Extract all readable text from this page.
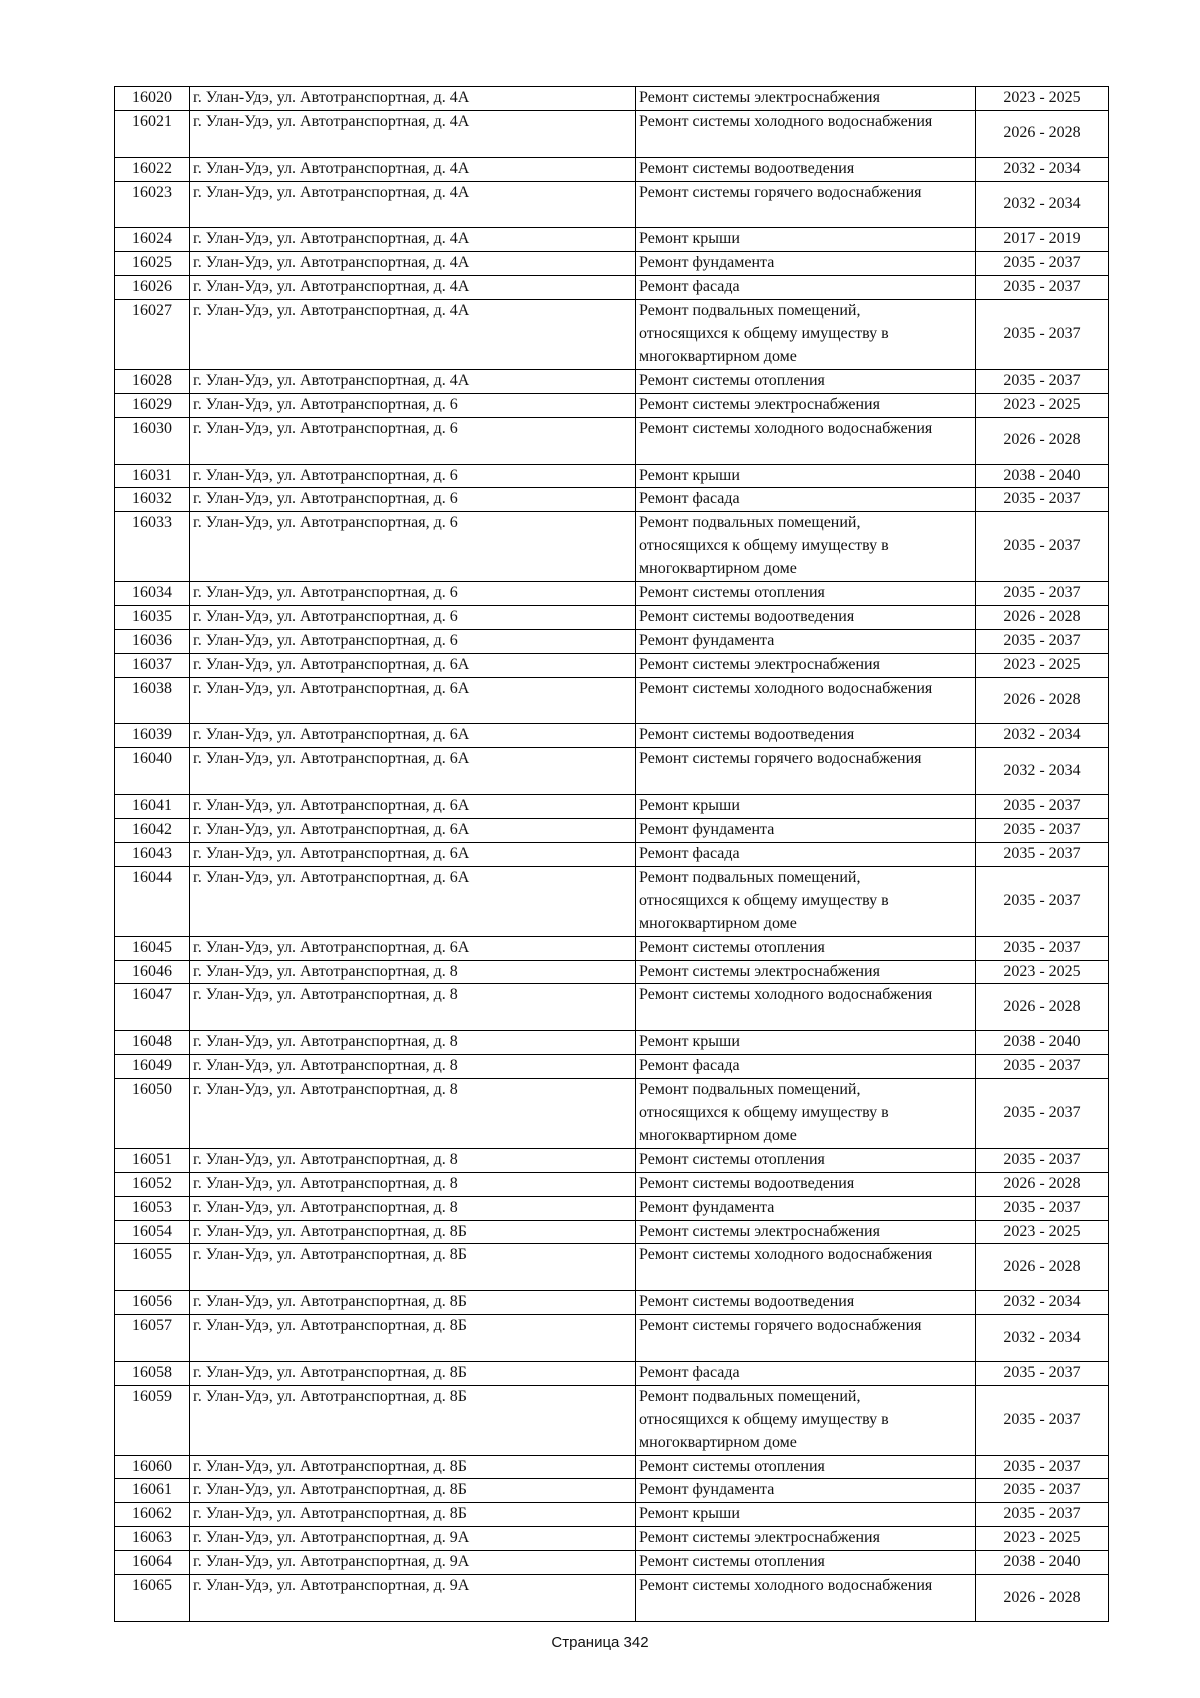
16020	г. Улан-Удэ, ул. Автотранспортная, д. 4А	Ремонт системы электроснабжения	2023 - 2025
16021	г. Улан-Удэ, ул. Автотранспортная, д. 4А	Ремонт системы холодного водоснабжения	2026 - 2028
16022	г. Улан-Удэ, ул. Автотранспортная, д. 4А	Ремонт системы водоотведения	2032 - 2034
16023	г. Улан-Удэ, ул. Автотранспортная, д. 4А	Ремонт системы горячего водоснабжения	2032 - 2034
16024	г. Улан-Удэ, ул. Автотранспортная, д. 4А	Ремонт крыши	2017 - 2019
16025	г. Улан-Удэ, ул. Автотранспортная, д. 4А	Ремонт фундамента	2035 - 2037
16026	г. Улан-Удэ, ул. Автотранспортная, д. 4А	Ремонт фасада	2035 - 2037
16027	г. Улан-Удэ, ул. Автотранспортная, д. 4А	Ремонт подвальных помещений,
относящихся к общему имуществу в
многоквартирном доме	2035 - 2037
16028	г. Улан-Удэ, ул. Автотранспортная, д. 4А	Ремонт системы отопления	2035 - 2037
16029	г. Улан-Удэ, ул. Автотранспортная, д. 6	Ремонт системы электроснабжения	2023 - 2025
16030	г. Улан-Удэ, ул. Автотранспортная, д. 6	Ремонт системы холодного водоснабжения	2026 - 2028
16031	г. Улан-Удэ, ул. Автотранспортная, д. 6	Ремонт крыши	2038 - 2040
16032	г. Улан-Удэ, ул. Автотранспортная, д. 6	Ремонт фасада	2035 - 2037
16033	г. Улан-Удэ, ул. Автотранспортная, д. 6	Ремонт подвальных помещений,
относящихся к общему имуществу в
многоквартирном доме	2035 - 2037
16034	г. Улан-Удэ, ул. Автотранспортная, д. 6	Ремонт системы отопления	2035 - 2037
16035	г. Улан-Удэ, ул. Автотранспортная, д. 6	Ремонт системы водоотведения	2026 - 2028
16036	г. Улан-Удэ, ул. Автотранспортная, д. 6	Ремонт фундамента	2035 - 2037
16037	г. Улан-Удэ, ул. Автотранспортная, д. 6А	Ремонт системы электроснабжения	2023 - 2025
16038	г. Улан-Удэ, ул. Автотранспортная, д. 6А	Ремонт системы холодного водоснабжения	2026 - 2028
16039	г. Улан-Удэ, ул. Автотранспортная, д. 6А	Ремонт системы водоотведения	2032 - 2034
16040	г. Улан-Удэ, ул. Автотранспортная, д. 6А	Ремонт системы горячего водоснабжения	2032 - 2034
16041	г. Улан-Удэ, ул. Автотранспортная, д. 6А	Ремонт крыши	2035 - 2037
16042	г. Улан-Удэ, ул. Автотранспортная, д. 6А	Ремонт фундамента	2035 - 2037
16043	г. Улан-Удэ, ул. Автотранспортная, д. 6А	Ремонт фасада	2035 - 2037
16044	г. Улан-Удэ, ул. Автотранспортная, д. 6А	Ремонт подвальных помещений,
относящихся к общему имуществу в
многоквартирном доме	2035 - 2037
16045	г. Улан-Удэ, ул. Автотранспортная, д. 6А	Ремонт системы отопления	2035 - 2037
16046	г. Улан-Удэ, ул. Автотранспортная, д. 8	Ремонт системы электроснабжения	2023 - 2025
16047	г. Улан-Удэ, ул. Автотранспортная, д. 8	Ремонт системы холодного водоснабжения	2026 - 2028
16048	г. Улан-Удэ, ул. Автотранспортная, д. 8	Ремонт крыши	2038 - 2040
16049	г. Улан-Удэ, ул. Автотранспортная, д. 8	Ремонт фасада	2035 - 2037
16050	г. Улан-Удэ, ул. Автотранспортная, д. 8	Ремонт подвальных помещений,
относящихся к общему имуществу в
многоквартирном доме	2035 - 2037
16051	г. Улан-Удэ, ул. Автотранспортная, д. 8	Ремонт системы отопления	2035 - 2037
16052	г. Улан-Удэ, ул. Автотранспортная, д. 8	Ремонт системы водоотведения	2026 - 2028
16053	г. Улан-Удэ, ул. Автотранспортная, д. 8	Ремонт фундамента	2035 - 2037
16054	г. Улан-Удэ, ул. Автотранспортная, д. 8Б	Ремонт системы электроснабжения	2023 - 2025
16055	г. Улан-Удэ, ул. Автотранспортная, д. 8Б	Ремонт системы холодного водоснабжения	2026 - 2028
16056	г. Улан-Удэ, ул. Автотранспортная, д. 8Б	Ремонт системы водоотведения	2032 - 2034
16057	г. Улан-Удэ, ул. Автотранспортная, д. 8Б	Ремонт системы горячего водоснабжения	2032 - 2034
16058	г. Улан-Удэ, ул. Автотранспортная, д. 8Б	Ремонт фасада	2035 - 2037
16059	г. Улан-Удэ, ул. Автотранспортная, д. 8Б	Ремонт подвальных помещений,
относящихся к общему имуществу в
многоквартирном доме	2035 - 2037
16060	г. Улан-Удэ, ул. Автотранспортная, д. 8Б	Ремонт системы отопления	2035 - 2037
16061	г. Улан-Удэ, ул. Автотранспортная, д. 8Б	Ремонт фундамента	2035 - 2037
16062	г. Улан-Удэ, ул. Автотранспортная, д. 8Б	Ремонт крыши	2035 - 2037
16063	г. Улан-Удэ, ул. Автотранспортная, д. 9А	Ремонт системы электроснабжения	2023 - 2025
16064	г. Улан-Удэ, ул. Автотранспортная, д. 9А	Ремонт системы отопления	2038 - 2040
16065	г. Улан-Удэ, ул. Автотранспортная, д. 9А	Ремонт системы холодного водоснабжения	2026 - 2028
Страница 342
